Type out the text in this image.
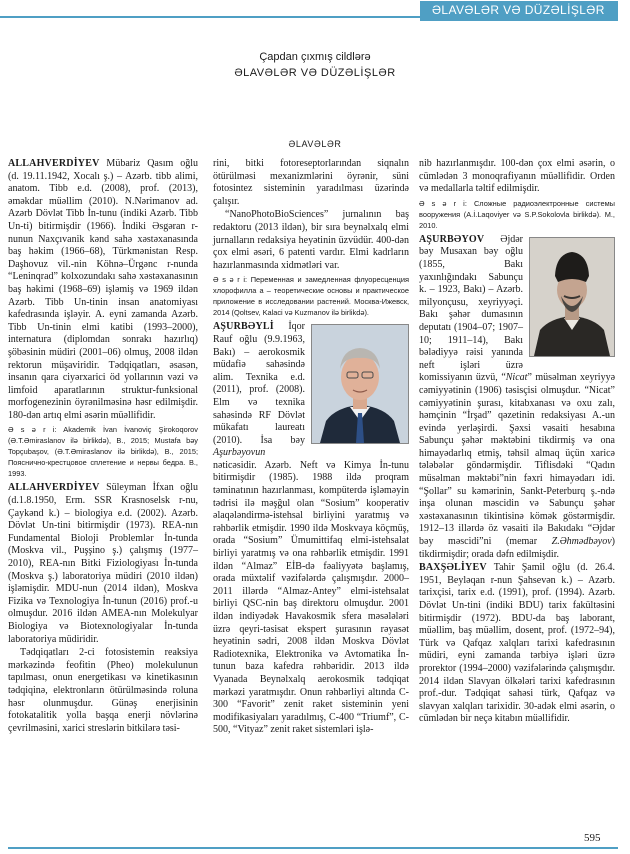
ƏLAVƏLƏR VƏ DÜZƏLİŞLƏR
Çapdan çıxmış cildlərə
ƏLAVƏLƏR VƏ DÜZƏLİŞLƏR
ƏLAVƏLƏR

ALLAHVERDİYEV Mübariz Qasım oğlu (d. 19.11.1942, Xocalı ş.) – Azərb. tibb alimi, anatom. Tibb e.d. (2008), prof. (2013), əməkdar müəllim (2010). N.Nərimanov ad. Azərb Dövlət Tibb İn-tunu (indiki Azərb. Tibb Un-ti) bitirmişdir (1966). İndiki Əsgəran r-nunun Naxçıvanik kənd sahə xəstəxanasında baş həkim (1966–68), Türkmənistan Resp. Daşhovuz vil.-nin Köhnə–Ürgənc r-nunda “Leninqrad” kolxozundakı sahə xəstəxanasının baş həkimi (1968–69) işləmiş və 1969 ildən Azərb. Tibb Un-tinin insan anatomiyası kafedrasında işləyir. A. eyni zamanda Azərb. Tibb Un-tinin elmi katibi (1993–2000), internatura (diplomdan sonrakı hazırlıq) şöbəsinin müdiri (2001–06) olmuş, 2008 ildən rektorun müşaviridir. Tədqiqatları, əsasən, insanın qara ciyərxarici öd yollarının vəzi və limfoid aparatlarının struktur-funksional morfogenezinin öyrənilməsinə həsr edilmişdir. 180-dən artıq elmi əsərin müəllifidir.

Ə s ə r i: Akademik İvan İvanoviç Şirokoqorov (Ə.T.Əmiraslanov ilə birlikdə), B., 2015; Mustafa bəy Topçubaşov, (Ə.T.Əmiraslanov ilə birlikdə), B., 2015; Пояснично-крестцовое сплетение и нервы бедра. B., 1993.

ALLAHVERDİYEV Süleyman İfxan oğlu (d.1.8.1950, Erm. SSR Krasnoselsk r-nu, Çaykənd k.) – biologiya e.d. (2002). Azərb. Dövlət Un-tini bitirmişdir (1973). REA-nın Fundamental Bioloji Problemlər İn-tunda (Moskva vil., Puşşino ş.) çalışmış (1977–2010), REA-nın Bitki Fiziologiyası İn-tunda (Moskva ş.) laboratoriya müdiri (2010 ildən) işləmişdir. MDU-nun (2014 ildən), Moskva Fizika və Texnologiya İn-tunun (2016) prof.-u olmuşdur. 2016 ildən AMEA-nın Molekulyar Biologiya və Biotexnologiyalar İn-tunda laboratoriya müdiridir.

Tədqiqatları 2-ci fotosistemin reaksiya mərkəzində feofitin (Pheo) molekulunun tapılması, onun energetikası və kinetikasının tədqiqinə, elektronların ötürülməsində roluna həsr olunmuşdur. Günəş enerjisinin fotokatalitik yolla başqa enerji növlərinə çevrilməsini, xarici streslərin bitkilərə təsi-

rini, bitki fotoreseptorlarından siqnalın ötürülməsi mexanizmlərini öyrənir, süni fotosintez sisteminin yaradılması üzərində çalışır.

“NanoPhotoBioSciences” jurnalının baş redaktoru (2013 ildən), bir sıra beynəlxalq elmi jurnalların redaksiya heyətinin üzvüdür. 400-dən çox elmi əsəri, 6 patenti vardır. Elmi kadrların hazırlanmasında xidmətləri var.

Ə s ə r i: Переменная и замедленная флуоресценция хлорофилла a – теоретические основы и практическое приложение в исследовании растений. Москва-Ижевск, 2014 (Qoltsev, Kalaci və Kuzmanov ilə birlikdə).

AŞURBƏYLİ İqor Rauf oğlu (9.9.1963, Bakı) – aerokosmik müdafiə sahəsində alim. Texnika e.d. (2011), prof. (2008). Elm və texnika sahəsində RF Dövlət mükafatı laureatı (2010). İsa bəy Aşurbəyovun nəticəsidir. Azərb. Neft və Kimya İn-tunu bitirmişdir (1985). 1988 ildə proqram təminatının hazırlanması, kompüterdə işləməyin tədrisi ilə məşğul olan “Sosium” kooperativ əlaqələndirmə-istehsal birliyini yaratmış və rəhbərlik etmişdir. 1990 ildə Moskvaya köçmüş, orada “Sosium” Ümumittifaq elmi-istehsalat birliyi yaratmış və ona rəhbərlik etmişdir. 1991 ildən “Almaz” EİB-də fəaliyyətə başlamış, orada müxtəlif vəzifələrdə çalışmışdır. 2000–2011 illərdə “Almaz-Antey” elmi-istehsalat birliyi QSC-nin baş direktoru olmuşdur. 2001 ildən indiyədək Havakosmik sfera məsələləri üzrə qeyri-təsisat ekspert şurasının rəyasət heyətinin sədri, 2008 ildən Moskva Dövlət Radiotexnika, Elektronika və Avtomatika İn-tunun baza kafedra rəhbəridir. 2013 ildə Vyanada Beynəlxalq aerokosmik tədqiqat mərkəzi yaratmışdır. Onun rəhbərliyi altında C-300 “Favorit” zenit raket sisteminin yeni modifikasiyaları yaradılmış, C-400 “Triumf”, C-500, “Vityaz” zenit raket sistemləri işlə-

nib hazırlanmışdır. 100-dən çox elmi əsərin, o cümlədən 3 monoqrafiyanın müəllifidir. Orden və medallarla təltif edilmişdir.

Ə s ə r i: Сложные радиоэлектронные системы вооружения (A.İ.Laqoviyer və S.P.Sokolovla birlikdə). M., 2010.

AŞURBƏYOV Əjdər bəy Musaxan bəy oğlu (1855, Bakı yaxınlığındakı Sabunçu k. – 1923, Bakı) – Azərb. milyonçusu, xeyriyyəçi. Bakı şəhər dumasının deputatı (1904–07; 1907–10; 1911–14), Bakı bələdiyyə rəisi yanında neft işləri üzrə komissiyanın üzvü, “Nicat” müsəlman xeyriyyə cəmiyyətinin (1906) təsisçisi olmuşdur. “Nicat” cəmiyyətinin şurası, kitabxanası və oxu zalı, həmçinin “İrşad” qəzetinin redaksiyası A.-un evində yerləşirdi. Şəxsi vəsaiti hesabına Sabunçu şəhər məktəbini tikdirmiş və ona himayədarlıq etmiş, təhsil almaq üçün xaricə tələbələr göndərmişdir. Tiflisdəki “Qadın müsəlman məktəbi”nin fəxri himayədarı idi. “Şollar” su kəmərinin, Sankt-Peterburq ş.-ndə inşa olunan məscidin və Sabunçu şəhər xəstəxanasının tikintisinə kömək göstərmişdir. 1912–13 illərdə öz vəsaiti ilə Bakıdakı “Əjdər bəy məscidi”ni (memar Z.Əhmədbəyov) tikdirmişdir; orada dəfn edilmişdir.

BAXŞƏLİYEV Tahir Şamil oğlu (d. 26.4. 1951, Beyləqan r-nun Şahsevən k.) – Azərb. tarixçisi, tarix e.d. (1991), prof. (1994). Azərb. Dövlət Un-tini (indiki BDU) tarix fakültəsini bitirmişdir (1972). BDU-da baş laborant, müəllim, baş müəllim, dosent, prof. (1972–94), Türk və Qafqaz xalqları tarixi kafedrasının müdiri, eyni zamanda tərbiyə işləri üzrə prorektor (1994–2000) vəzifələrində çalışmışdır. 2014 ildən Slavyan ölkələri tarixi kafedrasının prof.-dur. Tədqiqat sahəsi türk, Qafqaz və slavyan xalqları tarixidir. 30-adək elmi əsərin, o cümlədən bir neçə kitabın müəllifidir.

595
